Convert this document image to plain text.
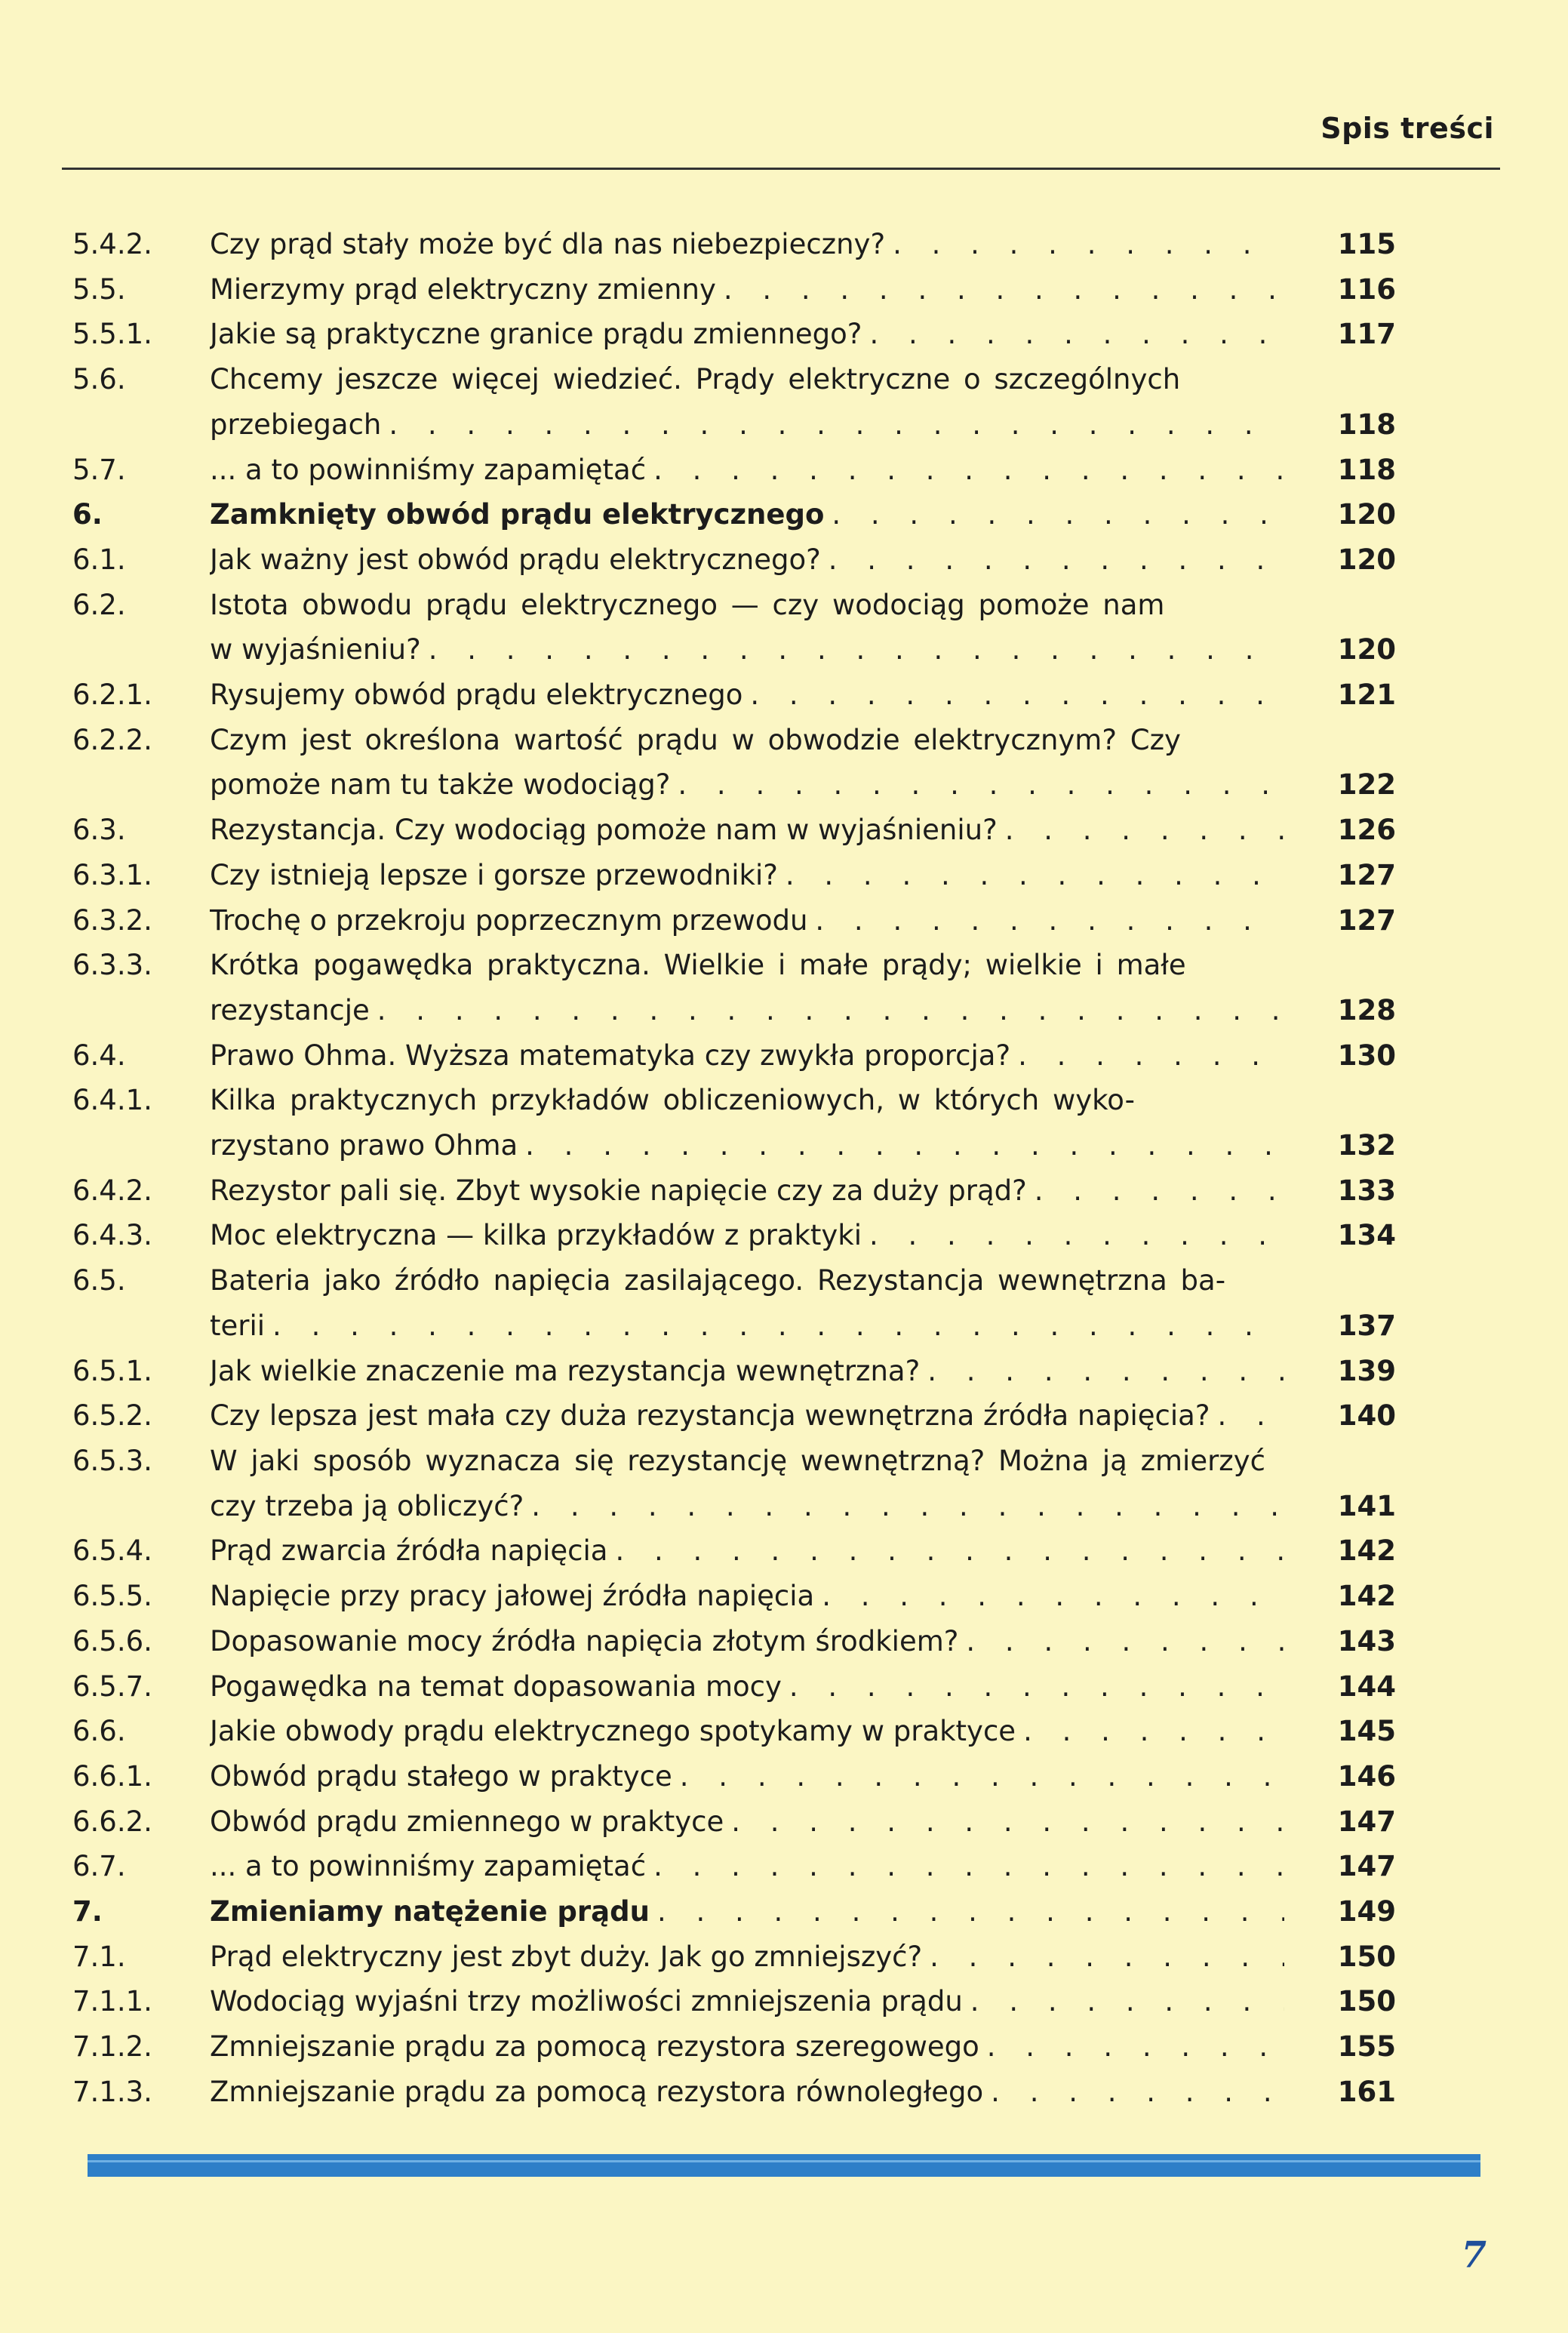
Spis treści
5.4.2.	Czy prąd stały może być dla nas niebezpieczny? . . .	115
5.5.	Mierzymy prąd elektryczny zmienny . . .	116
5.5.1.	Jakie są praktyczne granice prądu zmiennego? . . .	117
5.6.	Chcemy jeszcze więcej wiedzieć. Prądy elektryczne o szczególnych
przebiegach . . .	118
5.7.	... a to powinniśmy zapamiętać . . .	118
6.	Zamknięty obwód prądu elektrycznego . . .	120
6.1.	Jak ważny jest obwód prądu elektrycznego? . . .	120
6.2.	Istota obwodu prądu elektrycznego — czy wodociąg pomoże nam
w wyjaśnieniu? . . .	120
6.2.1.	Rysujemy obwód prądu elektrycznego . . .	121
6.2.2.	Czym jest określona wartość prądu w obwodzie elektrycznym? Czy
pomoże nam tu także wodociąg? . . .	122
6.3.	Rezystancja. Czy wodociąg pomoże nam w wyjaśnieniu? . . .	126
6.3.1.	Czy istnieją lepsze i gorsze przewodniki? . . .	127
6.3.2.	Trochę o przekroju poprzecznym przewodu . . .	127
6.3.3.	Krótka pogawędka praktyczna. Wielkie i małe prądy; wielkie i małe
rezystancje . . .	128
6.4.	Prawo Ohma. Wyższa matematyka czy zwykła proporcja? . . .	130
6.4.1.	Kilka praktycznych przykładów obliczeniowych, w których wyko-
rzystano prawo Ohma . . .	132
6.4.2.	Rezystor pali się. Zbyt wysokie napięcie czy za duży prąd? . . .	133
6.4.3.	Moc elektryczna — kilka przykładów z praktyki . . .	134
6.5.	Bateria jako źródło napięcia zasilającego. Rezystancja wewnętrzna ba-
terii . . .	137
6.5.1.	Jak wielkie znaczenie ma rezystancja wewnętrzna? . . .	139
6.5.2.	Czy lepsza jest mała czy duża rezystancja wewnętrzna źródła napięcia? . . .	140
6.5.3.	W jaki sposób wyznacza się rezystancję wewnętrzną? Można ją zmierzyć
czy trzeba ją obliczyć? . . .	141
6.5.4.	Prąd zwarcia źródła napięcia . . .	142
6.5.5.	Napięcie przy pracy jałowej źródła napięcia . . .	142
6.5.6.	Dopasowanie mocy źródła napięcia złotym środkiem? . . .	143
6.5.7.	Pogawędka na temat dopasowania mocy . . .	144
6.6.	Jakie obwody prądu elektrycznego spotykamy w praktyce . . .	145
6.6.1.	Obwód prądu stałego w praktyce . . .	146
6.6.2.	Obwód prądu zmiennego w praktyce . . .	147
6.7.	... a to powinniśmy zapamiętać . . .	147
7.	Zmieniamy natężenie prądu . . .	149
7.1.	Prąd elektryczny jest zbyt duży. Jak go zmniejszyć? . . .	150
7.1.1.	Wodociąg wyjaśni trzy możliwości zmniejszenia prądu . . .	150
7.1.2.	Zmniejszanie prądu za pomocą rezystora szeregowego . . .	155
7.1.3.	Zmniejszanie prądu za pomocą rezystora równoległego . . .	161
7
